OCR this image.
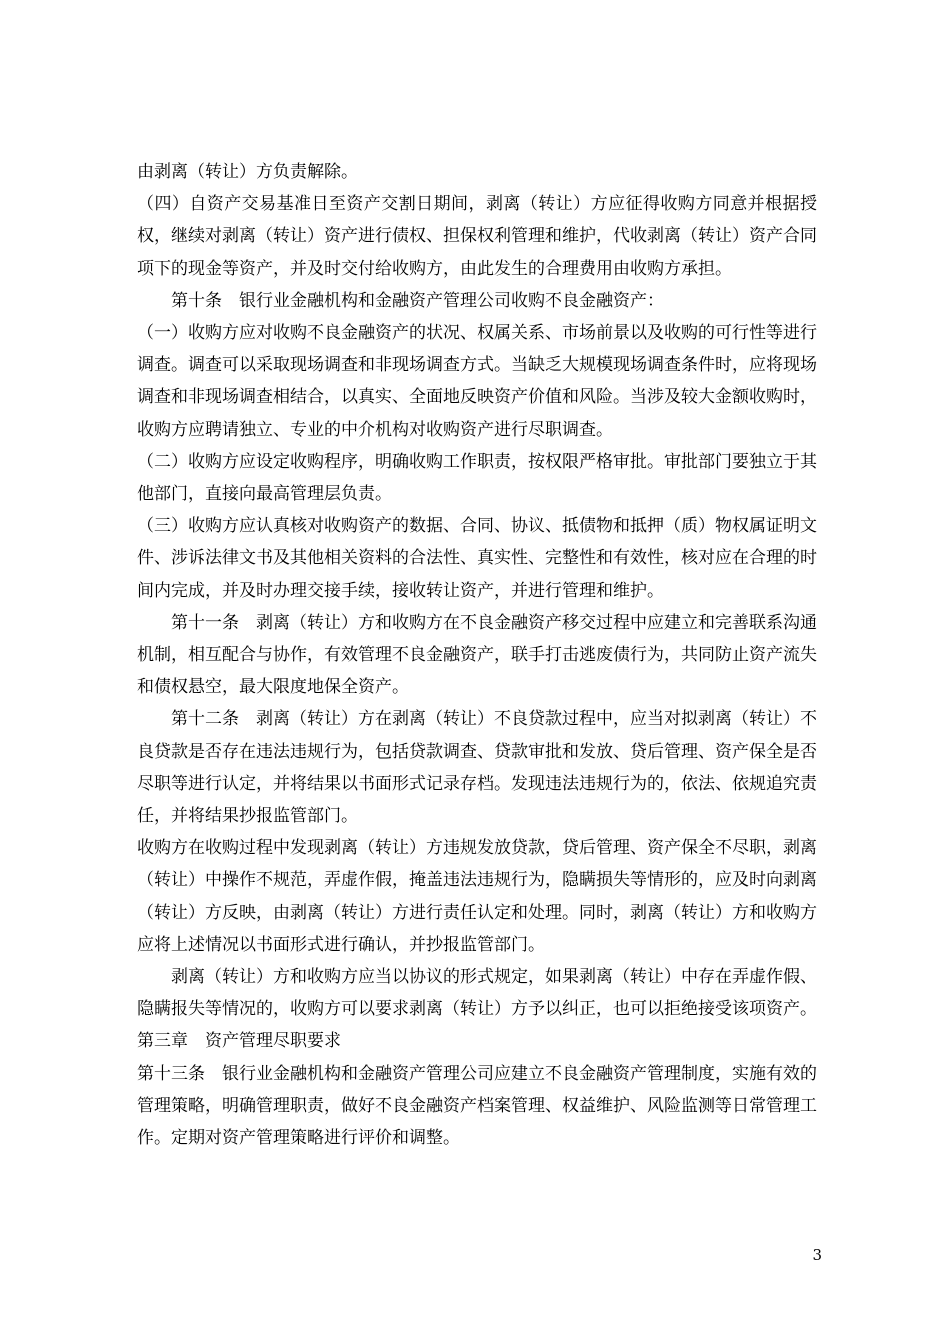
由剥离（转让）方负责解除。

（四）自资产交易基准日至资产交割日期间，剥离（转让）方应征得收购方同意并根据授权，继续对剥离（转让）资产进行债权、担保权利管理和维护，代收剥离（转让）资产合同项下的现金等资产，并及时交付给收购方，由此发生的合理费用由收购方承担。

第十条　银行业金融机构和金融资产管理公司收购不良金融资产：

（一）收购方应对收购不良金融资产的状况、权属关系、市场前景以及收购的可行性等进行调查。调查可以采取现场调查和非现场调查方式。当缺乏大规模现场调查条件时，应将现场调查和非现场调查相结合，以真实、全面地反映资产价值和风险。当涉及较大金额收购时，收购方应聘请独立、专业的中介机构对收购资产进行尽职调查。

（二）收购方应设定收购程序，明确收购工作职责，按权限严格审批。审批部门要独立于其他部门，直接向最高管理层负责。

（三）收购方应认真核对收购资产的数据、合同、协议、抵债物和抵押（质）物权属证明文件、涉诉法律文书及其他相关资料的合法性、真实性、完整性和有效性，核对应在合理的时间内完成，并及时办理交接手续，接收转让资产，并进行管理和维护。

第十一条　剥离（转让）方和收购方在不良金融资产移交过程中应建立和完善联系沟通机制，相互配合与协作，有效管理不良金融资产，联手打击逃废债行为，共同防止资产流失和债权悬空，最大限度地保全资产。

第十二条　剥离（转让）方在剥离（转让）不良贷款过程中，应当对拟剥离（转让）不良贷款是否存在违法违规行为，包括贷款调查、贷款审批和发放、贷后管理、资产保全是否尽职等进行认定，并将结果以书面形式记录存档。发现违法违规行为的，依法、依规追究责任，并将结果抄报监管部门。

收购方在收购过程中发现剥离（转让）方违规发放贷款，贷后管理、资产保全不尽职，剥离（转让）中操作不规范，弄虚作假，掩盖违法违规行为，隐瞒损失等情形的，应及时向剥离（转让）方反映，由剥离（转让）方进行责任认定和处理。同时，剥离（转让）方和收购方应将上述情况以书面形式进行确认，并抄报监管部门。

剥离（转让）方和收购方应当以协议的形式规定，如果剥离（转让）中存在弄虚作假、隐瞒报失等情况的，收购方可以要求剥离（转让）方予以纠正，也可以拒绝接受该项资产。

第三章　资产管理尽职要求

第十三条　银行业金融机构和金融资产管理公司应建立不良金融资产管理制度，实施有效的管理策略，明确管理职责，做好不良金融资产档案管理、权益维护、风险监测等日常管理工作。定期对资产管理策略进行评价和调整。

3
